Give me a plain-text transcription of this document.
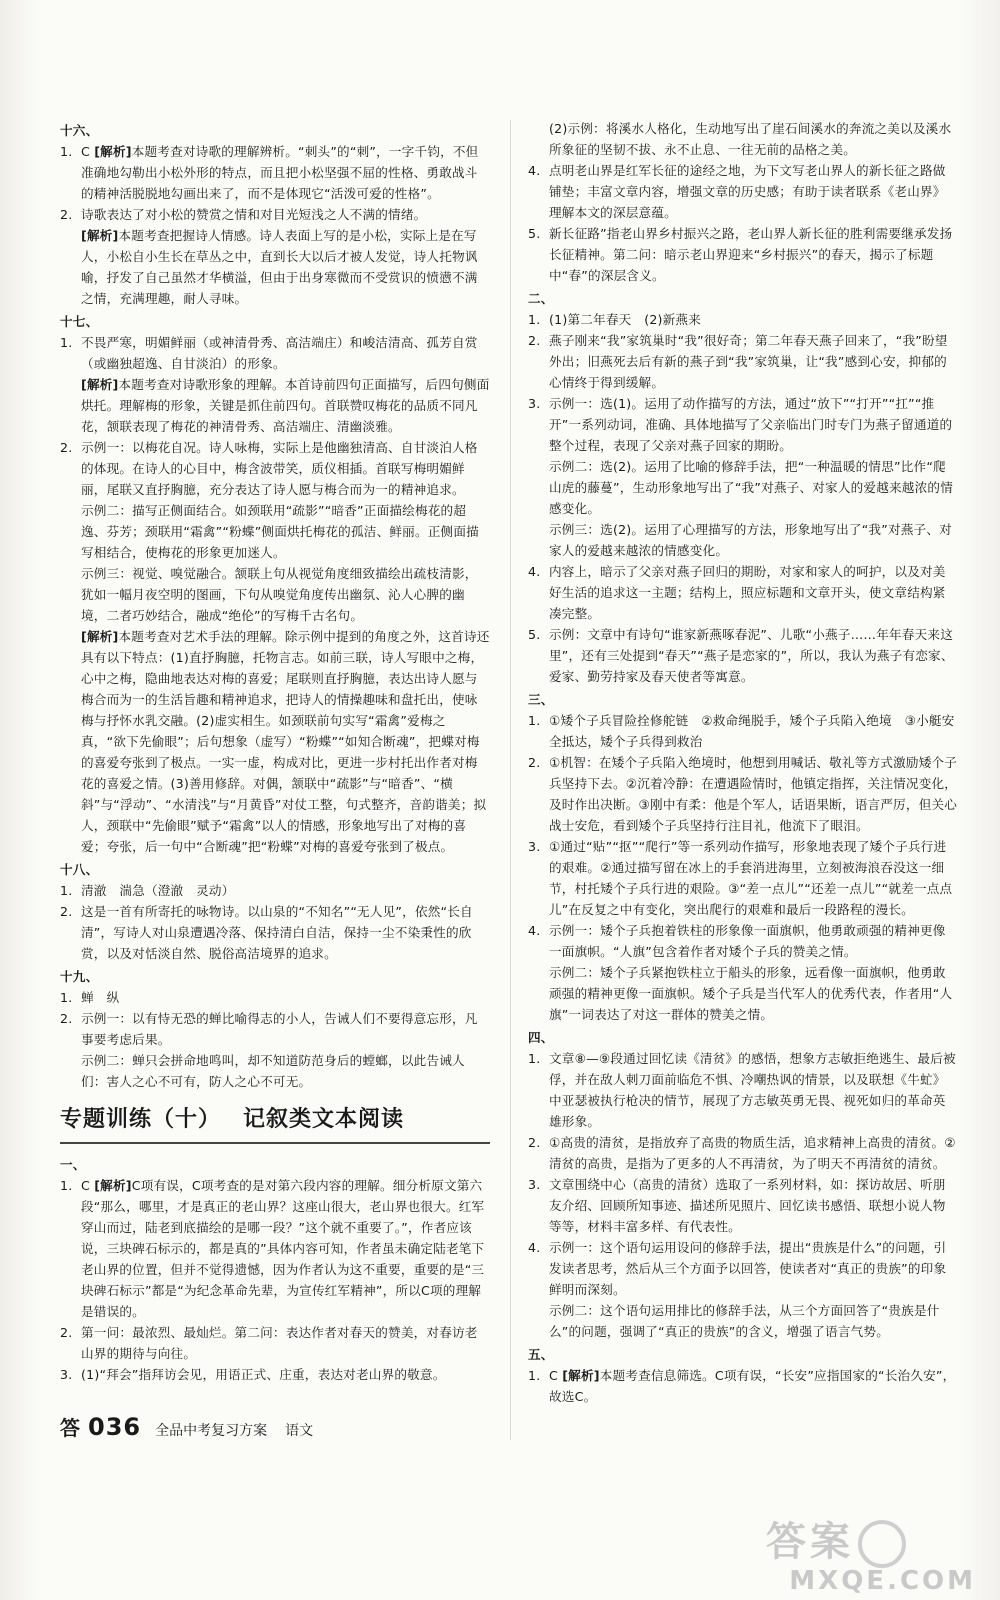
十六、

1. C [解析]本题考查对诗歌的理解辨析。“刺头”的“刺”，一字千钧，不但准确地勾勒出小松外形的特点，而且把小松坚强不屈的性格、勇敢战斗的精神活脱脱地勾画出来了，而不是体现它“活泼可爱的性格”。

2. 诗歌表达了对小松的赞赏之情和对目光短浅之人不满的情绪。

[解析]本题考查把握诗人情感。诗人表面上写的是小松，实际上是在写人，小松自小生长在草丛之中，直到长大以后才被人发觉，诗人托物讽喻，抒发了自己虽然才华横溢，但由于出身寒微而不受赏识的愤懑不满之情，充满理趣，耐人寻味。

十七、

1. 不畏严寒，明媚鲜丽（或神清骨秀、高洁端庄）和峻洁清高、孤芳自赏（或幽独超逸、自甘淡泊）的形象。

[解析]本题考查对诗歌形象的理解。本首诗前四句正面描写，后四句侧面烘托。理解梅的形象，关键是抓住前四句。首联赞叹梅花的品质不同凡花，颔联表现了梅花的神清骨秀、高洁端庄、清幽淡雅。

2. 示例一：以梅花自况。诗人咏梅，实际上是他幽独清高、自甘淡泊人格的体现。在诗人的心目中，梅含波带笑，质仪相插。首联写梅明媚鲜丽，尾联又直抒胸臆，充分表达了诗人愿与梅合而为一的精神追求。

示例二：描写正侧面结合。如颈联用“疏影”“暗香”正面描绘梅花的超逸、芬芳；颈联用“霜禽”“粉蝶”侧面烘托梅花的孤洁、鲜丽。正侧面描写相结合，使梅花的形象更加迷人。

示例三：视觉、嗅觉融合。颔联上句从视觉角度细致描绘出疏枝清影，犹如一幅月夜空明的图画，下句从嗅觉角度传出幽氛、沁人心脾的幽境，二者巧妙结合，融成“绝伦”的写梅千古名句。

[解析]本题考查对艺术手法的理解。除示例中提到的角度之外，这首诗还具有以下特点：(1)直抒胸臆，托物言志。如前三联，诗人写眼中之梅，心中之梅，隐曲地表达对梅的喜爱；尾联则直抒胸臆，表达出诗人愿与梅合而为一的生活旨趣和精神追求，把诗人的情操趣味和盘托出，使咏梅与抒怀水乳交融。(2)虚实相生。如颈联前句实写“霜禽”爱梅之真，“欲下先偷眼”；后句想象（虚写）“粉蝶”“如知合断魂”，把蝶对梅的喜爱夸张到了极点。一实一虚，构成对比，更进一步村托出作者对梅花的喜爱之情。(3)善用修辞。对偶，颔联中“疏影”与“暗香”、“横斜”与“浮动”、“水清浅”与“月黄昏”对仗工整，句式整齐，音韵谐美；拟人，颈联中“先偷眼”赋予“霜禽”以人的情感，形象地写出了对梅的喜爱；夸张，后一句中“合断魂”把“粉蝶”对梅的喜爱夸张到了极点。

十八、

1. 清澈　湍急（澄澈　灵动）

2. 这是一首有所寄托的咏物诗。以山泉的“不知名”“无人见”，依然“长自清”，写诗人对山泉遭遇冷落、保持清白自洁，保持一尘不染秉性的欣赏，以及对恬淡自然、脱俗高洁境界的追求。

十九、

1. 蝉　纵

2. 示例一：以有恃无恐的蝉比喻得志的小人，告诫人们不要得意忘形，凡事要考虑后果。

示例二：蝉只会拼命地鸣叫，却不知道防范身后的螳螂，以此告诫人们：害人之心不可有，防人之心不可无。

专题训练（十） 记叙类文本阅读

一、

1. C [解析]C项有误，C项考查的是对第六段内容的理解。细分析原文第六段“那么，哪里，才是真正的老山界？这座山很大，老山界也很大。红军穿山而过，陆老到底描绘的是哪一段？”这个就不重要了。”，作者应该说，三块碑石标示的，都是真的”具体内容可知，作者虽未确定陆老笔下老山界的位置，但并不觉得遗憾，因为作者认为这不重要，重要的是“三块碑石标示”都是“为纪念革命先辈，为宣传红军精神”，所以C项的理解是错误的。

2. 第一问：最浓烈、最灿烂。第二问：表达作者对春天的赞美，对春访老山界的期待与向往。

3. (1)“拜会”指拜访会见，用语正式、庄重，表达对老山界的敬意。

(2)示例：将溪水人格化，生动地写出了崖石间溪水的奔流之美以及溪水所象征的坚韧不拔、永不止息、一往无前的品格之美。

4. 点明老山界是红军长征的途经之地，为下文写老山界人的新长征之路做铺垫；丰富文章内容，增强文章的历史感；有助于读者联系《老山界》理解本文的深层意蕴。

5. 新长征路”指老山界乡村振兴之路，老山界人新长征的胜利需要继承发扬长征精神。第二问：暗示老山界迎来“乡村振兴”的春天，揭示了标题中“春”的深层含义。

二、

1. (1)第二年春天　(2)新燕来

2. 燕子刚来“我”家筑巢时“我”很好奇；第二年春天燕子回来了，“我”盼望外出；旧燕死去后有新的燕子到“我”家筑巢，让“我”感到心安，抑郁的心情终于得到缓解。

3. 示例一：选(1)。运用了动作描写的方法，通过“放下”“打开”“扛”“推开”一系列动词，准确、具体地描写了父亲临出门时专门为燕子留通道的整个过程，表现了父亲对燕子回家的期盼。

示例二：选(2)。运用了比喻的修辞手法，把“一种温暖的情思”比作“爬山虎的藤蔓”，生动形象地写出了“我”对燕子、对家人的爱越来越浓的情感变化。

示例三：选(2)。运用了心理描写的方法，形象地写出了“我”对燕子、对家人的爱越来越浓的情感变化。

4. 内容上，暗示了父亲对燕子回归的期盼，对家和家人的呵护，以及对美好生活的追求这一主题；结构上，照应标题和文章开头，使文章结构紧凑完整。

5. 示例：文章中有诗句“谁家新燕啄春泥”、儿歌“小燕子……年年春天来这里”，还有三处提到“春天”“燕子是恋家的”，所以，我认为燕子有恋家、爱家、勤劳持家及春天使者等寓意。

三、

1. ①矮个子兵冒险拴修舵链　②救命绳脱手，矮个子兵陷入绝境　③小艇安全抵达，矮个子兵得到救治

2. ①机智：在矮个子兵陷入绝境时，他想到用喊话、敬礼等方式激励矮个子兵坚持下去。②沉着冷静：在遭遇险情时，他镇定指挥，关注情况变化，及时作出决断。③刚中有柔：他是个军人，话语果断，语言严厉，但关心战士安危，看到矮个子兵坚持行注目礼，他流下了眼泪。

3. ①通过“贴”“抠”“爬行”等一系列动作描写，形象地表现了矮个子兵行进的艰难。②通过描写留在冰上的手套消进海里，立刻被海浪吞没这一细节，村托矮个子兵行进的艰险。③“差一点儿”“还差一点儿”“就差一点点儿”在反复之中有变化，突出爬行的艰难和最后一段路程的漫长。

4. 示例一：矮个子兵抱着铁柱的形象像一面旗帜，他勇敢顽强的精神更像一面旗帜。“人旗”包含着作者对矮个子兵的赞美之情。

示例二：矮个子兵紧抱铁柱立于船头的形象，远看像一面旗帜，他勇敢顽强的精神更像一面旗帜。矮个子兵是当代军人的优秀代表，作者用“人旗”一词表达了对这一群体的赞美之情。

四、

1. 文章⑧—⑨段通过回忆读《清贫》的感悟，想象方志敏拒绝逃生、最后被俘，并在敌人刺刀面前临危不惧、冷嘲热讽的情景，以及联想《牛虻》中亚瑟被执行枪决的情节，展现了方志敏英勇无畏、视死如归的革命英雄形象。

2. ①高贵的清贫，是指放弃了高贵的物质生活，追求精神上高贵的清贫。②清贫的高贵，是指为了更多的人不再清贫，为了明天不再清贫的清贫。

3. 文章围绕中心（高贵的清贫）选取了一系列材料，如：探访故居、听朋友介绍、回顾所知事迹、描述所见照片、回忆读书感悟、联想小说人物等等，材料丰富多样、有代表性。

4. 示例一：这个语句运用设问的修辞手法，提出“贵族是什么”的问题，引发读者思考，然后从三个方面予以回答，使读者对“真正的贵族”的印象鲜明而深刻。

示例二：这个语句运用排比的修辞手法，从三个方面回答了“贵族是什么”的问题，强调了“真正的贵族”的含义，增强了语言气势。

五、

1. C [解析]本题考查信息筛选。C项有误，“长安”应指国家的“长治久安”，故选C。

答 036 全品中考复习方案 语文
答案
MXQE.COM
